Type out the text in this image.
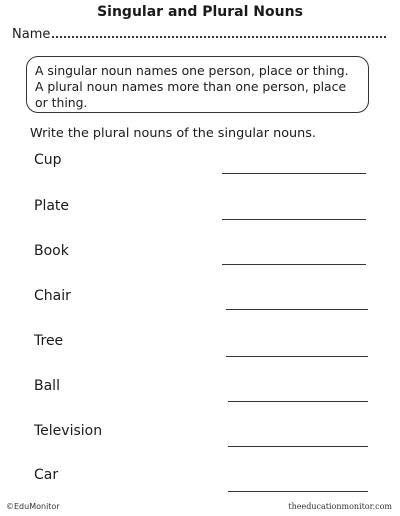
Singular and Plural Nouns
Name
A singular noun names one person, place or thing.
A plural noun names more than one person, place or thing.
Write the plural nouns of the singular nouns.
Cup
Plate
Book
Chair
Tree
Ball
Television
Car
©EduMonitor	theeducationmonitor.com
